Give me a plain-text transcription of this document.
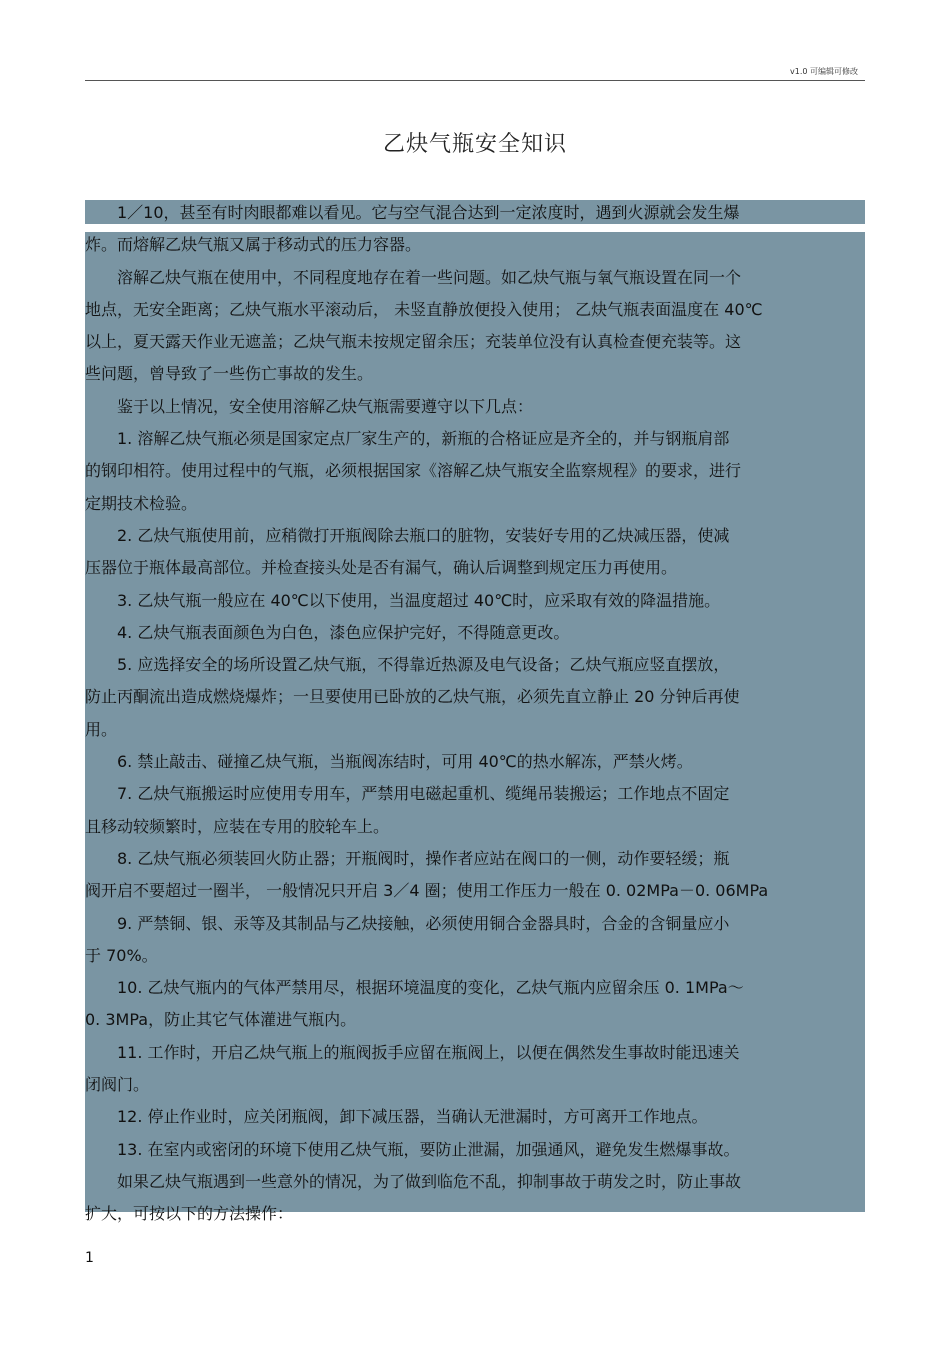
v1.0 可编辑可修改
乙炔气瓶安全知识

1／10，甚至有时肉眼都难以看见。它与空气混合达到一定浓度时，遇到火源就会发生爆

炸。而熔解乙炔气瓶又属于移动式的压力容器。

溶解乙炔气瓶在使用中，不同程度地存在着一些问题。如乙炔气瓶与氧气瓶设置在同一个

地点，无安全距离；乙炔气瓶水平滚动后， 未竖直静放便投入使用； 乙炔气瓶表面温度在 40℃

以上，夏天露天作业无遮盖；乙炔气瓶未按规定留余压；充装单位没有认真检查便充装等。这

些问题，曾导致了一些伤亡事故的发生。

鉴于以上情况，安全使用溶解乙炔气瓶需要遵守以下几点：

1. 溶解乙炔气瓶必须是国家定点厂家生产的，新瓶的合格证应是齐全的，并与钢瓶肩部

的钢印相符。使用过程中的气瓶，必须根据国家《溶解乙炔气瓶安全监察规程》的要求，进行

定期技术检验。

2. 乙炔气瓶使用前，应稍微打开瓶阀除去瓶口的脏物，安装好专用的乙炔减压器，使减

压器位于瓶体最高部位。并检查接头处是否有漏气，确认后调整到规定压力再使用。

3. 乙炔气瓶一般应在 40℃以下使用，当温度超过 40℃时，应采取有效的降温措施。

4. 乙炔气瓶表面颜色为白色，漆色应保护完好，不得随意更改。

5. 应选择安全的场所设置乙炔气瓶，不得靠近热源及电气设备；乙炔气瓶应竖直摆放，

防止丙酮流出造成燃烧爆炸；一旦要使用已卧放的乙炔气瓶，必须先直立静止 20 分钟后再使

用。

6. 禁止敲击、碰撞乙炔气瓶，当瓶阀冻结时，可用 40℃的热水解冻，严禁火烤。

7. 乙炔气瓶搬运时应使用专用车，严禁用电磁起重机、缆绳吊装搬运；工作地点不固定

且移动较频繁时，应装在专用的胶轮车上。

8. 乙炔气瓶必须装回火防止器；开瓶阀时，操作者应站在阀口的一侧，动作要轻缓；瓶

阀开启不要超过一圈半， 一般情况只开启 3／4 圈；使用工作压力一般在 0. 02MPa－0. 06MPa

9. 严禁铜、银、汞等及其制品与乙炔接触，必须使用铜合金器具时，合金的含铜量应小

于 70%。

10. 乙炔气瓶内的气体严禁用尽，根据环境温度的变化，乙炔气瓶内应留余压 0. 1MPa～

0. 3MPa，防止其它气体灌进气瓶内。

11. 工作时，开启乙炔气瓶上的瓶阀扳手应留在瓶阀上，以便在偶然发生事故时能迅速关

闭阀门。

12. 停止作业时，应关闭瓶阀，卸下减压器，当确认无泄漏时，方可离开工作地点。

13. 在室内或密闭的环境下使用乙炔气瓶，要防止泄漏，加强通风，避免发生燃爆事故。

如果乙炔气瓶遇到一些意外的情况，为了做到临危不乱，抑制事故于萌发之时，防止事故

扩大，可按以下的方法操作：

1
